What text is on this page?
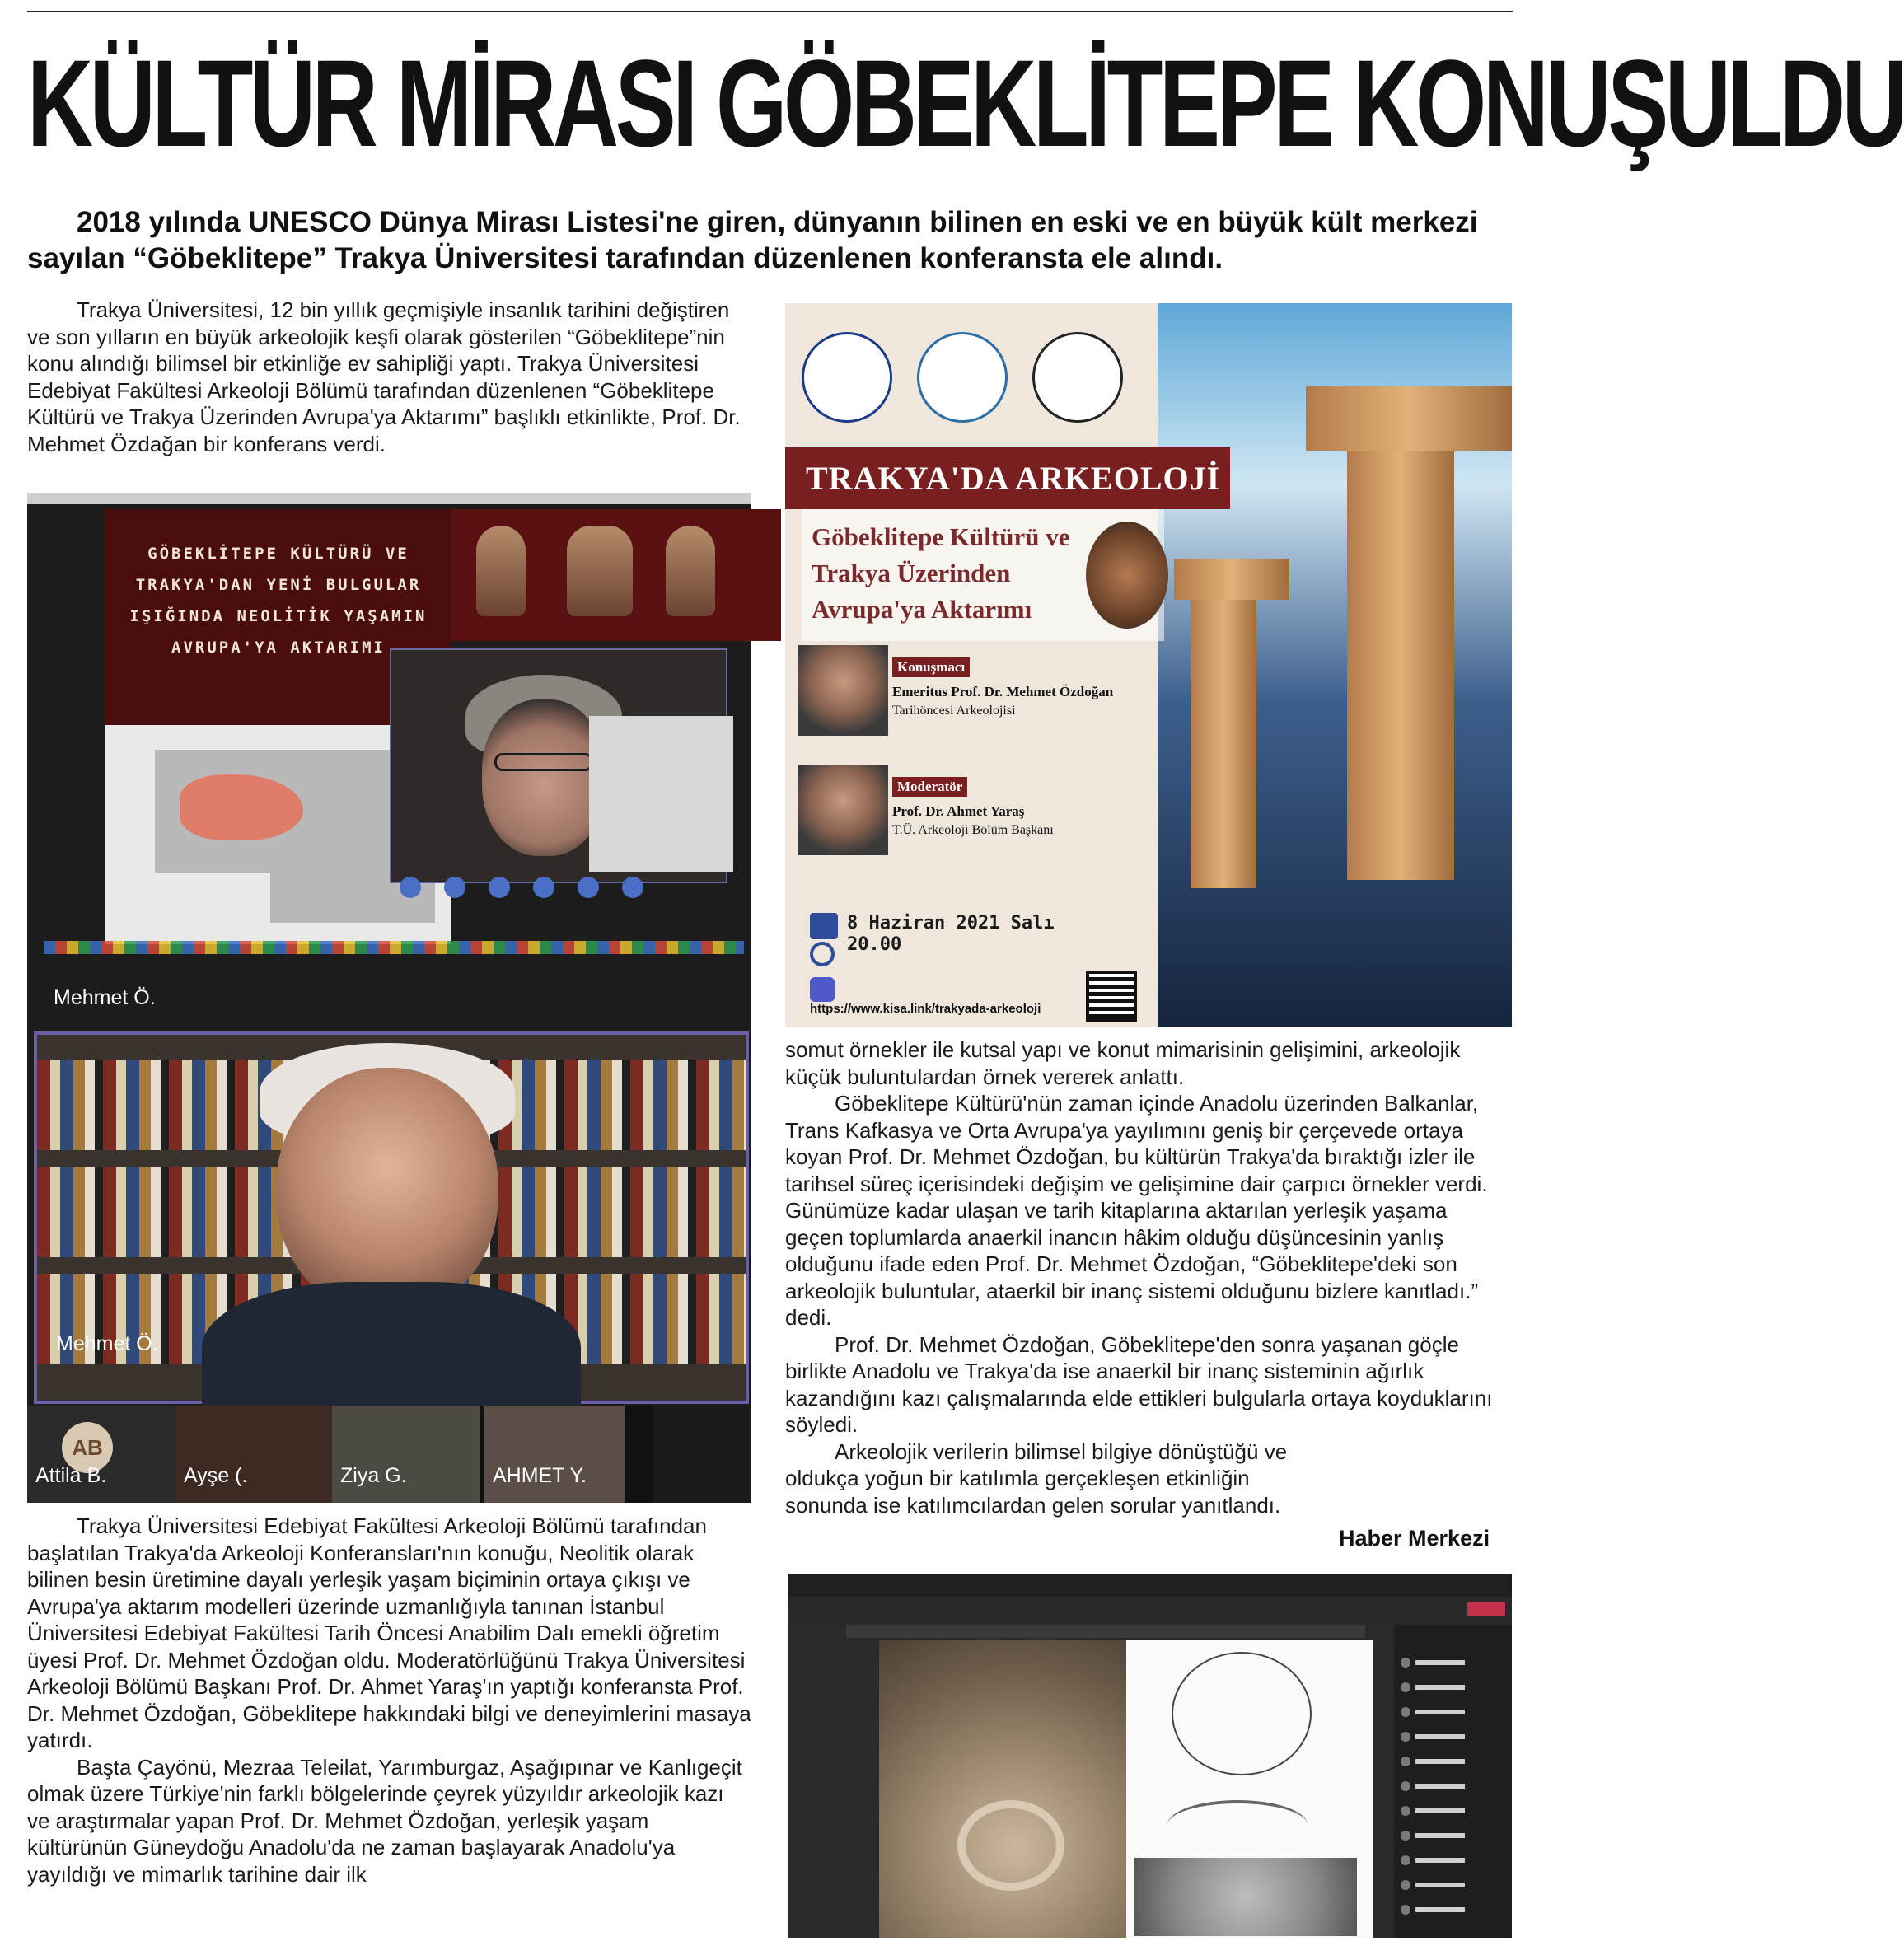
KÜLTÜR MİRASI GÖBEKLİTEPE KONUŞULDU

2018 yılında UNESCO Dünya Mirası Listesi'ne giren, dünyanın bilinen en eski ve en büyük kült merkezi sayılan “Göbeklitepe” Trakya Üniversitesi tarafından düzenlenen konferansta ele alındı.

Trakya Üniversitesi, 12 bin yıllık geçmişiyle insanlık tarihini değiştiren ve son yılların en büyük arkeolojik keşfi olarak gösterilen “Göbeklitepe”nin konu alındığı bilimsel bir etkinliğe ev sahipliği yaptı. Trakya Üniversitesi Edebiyat Fakültesi Arkeoloji Bölümü tarafından düzenlenen “Göbeklitepe Kültürü ve Trakya Üzerinden Avrupa'ya Aktarımı” başlıklı etkinlikte, Prof. Dr. Mehmet Özdağan bir konferans verdi.

GÖBEKLİTEPE KÜLTÜRÜ VE TRAKYA'DAN YENİ BULGULAR IŞIĞINDA NEOLİTİK YAŞAMIN AVRUPA'YA AKTARIMI
Mehmet Ö.
Mehmet Ö.
AB
Attila B.	Ayşe (.	Ziya G.	AHMET Y.
TRAKYA'DA ARKEOLOJİ
Göbeklitepe Kültürü ve
Trakya Üzerinden
Avrupa'ya Aktarımı
Konuşmacı
Emeritus Prof. Dr. Mehmet Özdoğan
Tarihöncesi Arkeolojisi
Moderatör
Prof. Dr. Ahmet Yaraş
T.Ü. Arkeoloji Bölüm Başkanı
8 Haziran 2021 Salı
20.00
https://www.kisa.link/trakyada-arkeoloji

somut örnekler ile kutsal yapı ve konut mimarisinin gelişimini, arkeolojik küçük buluntulardan örnek vererek anlattı.

Göbeklitepe Kültürü'nün zaman içinde Anadolu üzerinden Balkanlar, Trans Kafkasya ve Orta Avrupa'ya yayılımını geniş bir çerçevede ortaya koyan Prof. Dr. Mehmet Özdoğan, bu kültürün Trakya'da bıraktığı izler ile tarihsel süreç içerisindeki değişim ve gelişimine dair çarpıcı örnekler verdi. Günümüze kadar ulaşan ve tarih kitaplarına aktarılan yerleşik yaşama geçen toplumlarda anaerkil inancın hâkim olduğu düşüncesinin yanlış olduğunu ifade eden Prof. Dr. Mehmet Özdoğan, “Göbeklitepe'deki son arkeolojik buluntular, ataerkil bir inanç sistemi olduğunu bizlere kanıtladı.” dedi.

Prof. Dr. Mehmet Özdoğan, Göbeklitepe'den sonra yaşanan göçle birlikte Anadolu ve Trakya'da ise anaerkil bir inanç sisteminin ağırlık kazandığını kazı çalışmalarında elde ettikleri bulgularla ortaya koyduklarını söyledi.

Arkeolojik verilerin bilimsel bilgiye dönüştüğü ve oldukça yoğun bir katılımla gerçekleşen etkinliğin sonunda ise katılımcılardan gelen sorular yanıtlandı.

Haber Merkezi

Trakya Üniversitesi Edebiyat Fakültesi Arkeoloji Bölümü tarafından başlatılan Trakya'da Arkeoloji Konferansları'nın konuğu, Neolitik olarak bilinen besin üretimine dayalı yerleşik yaşam biçiminin ortaya çıkışı ve Avrupa'ya aktarım modelleri üzerinde uzmanlığıyla tanınan İstanbul Üniversitesi Edebiyat Fakültesi Tarih Öncesi Anabilim Dalı emekli öğretim üyesi Prof. Dr. Mehmet Özdoğan oldu. Moderatörlüğünü Trakya Üniversitesi Arkeoloji Bölümü Başkanı Prof. Dr. Ahmet Yaraş'ın yaptığı konferansta Prof. Dr. Mehmet Özdoğan, Göbeklitepe hakkındaki bilgi ve deneyimlerini masaya yatırdı.

Başta Çayönü, Mezraa Teleilat, Yarımburgaz, Aşağıpınar ve Kanlıgeçit olmak üzere Türkiye'nin farklı bölgelerinde çeyrek yüzyıldır arkeolojik kazı ve araştırmalar yapan Prof. Dr. Mehmet Özdoğan, yerleşik yaşam kültürünün Güneydoğu Anadolu'da ne zaman başlayarak Anadolu'ya yayıldığı ve mimarlık tarihine dair ilk
